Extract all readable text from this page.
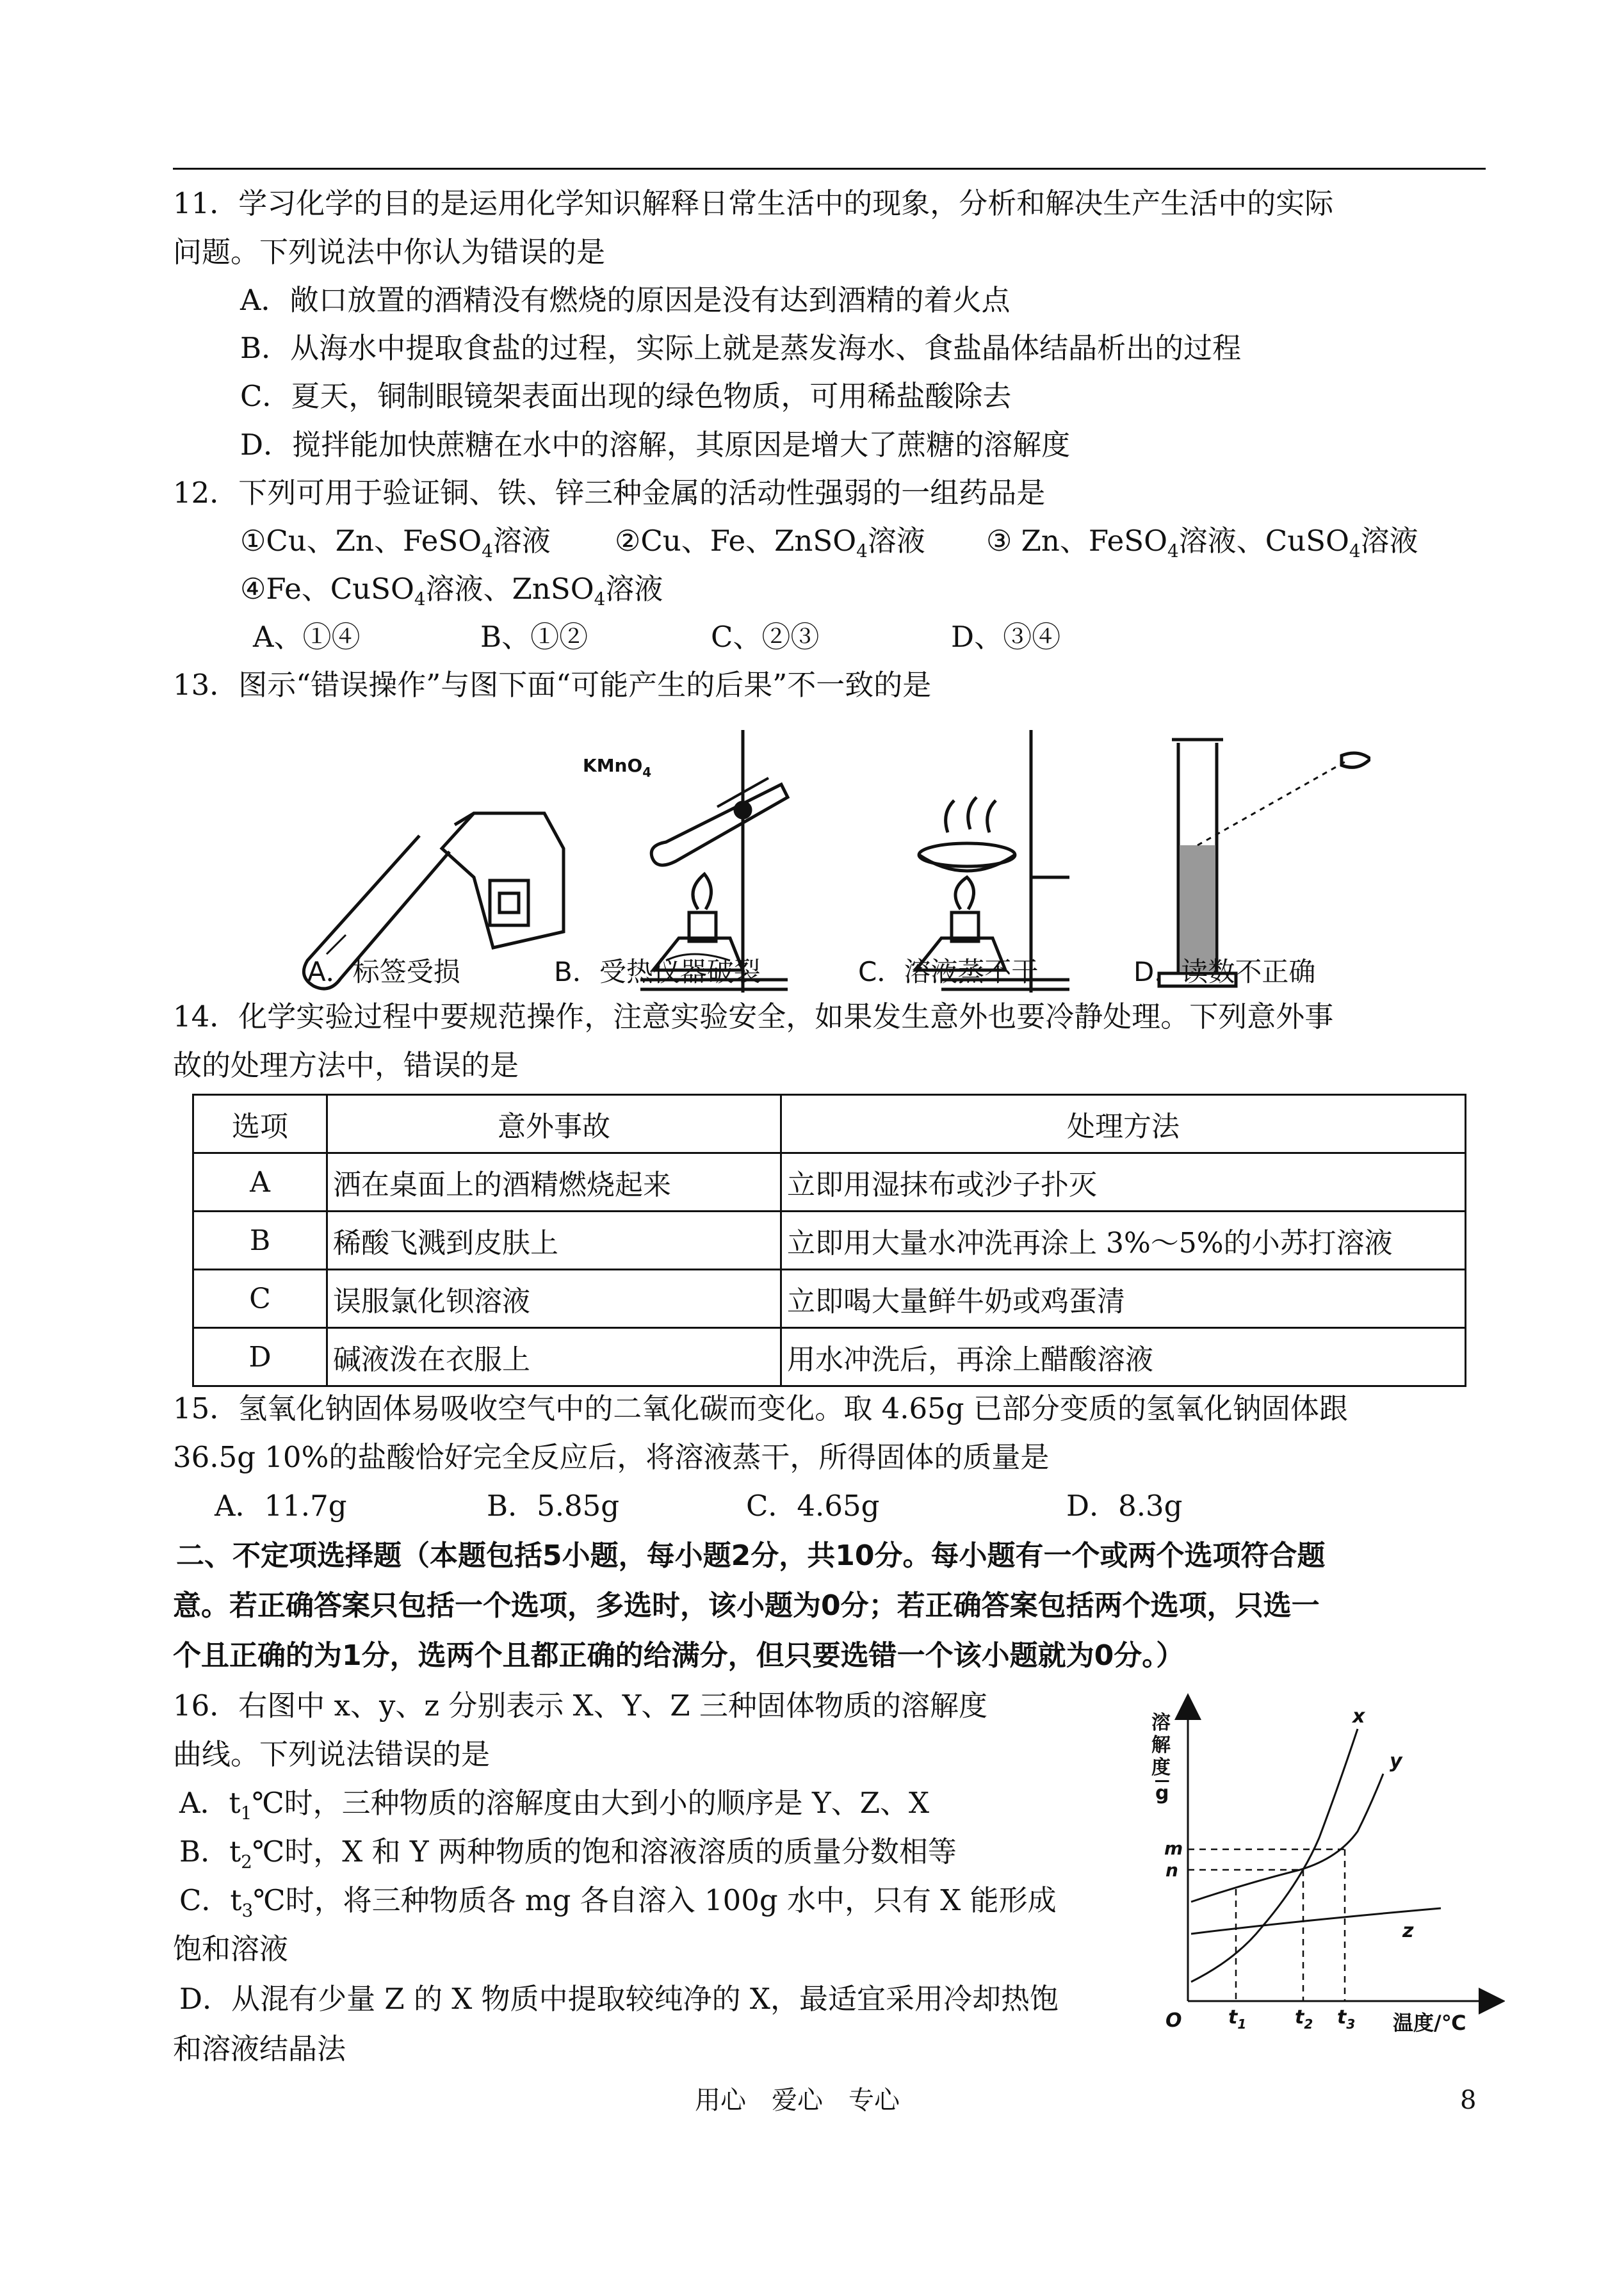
11．学习化学的目的是运用化学知识解释日常生活中的现象，分析和解决生产生活中的实际
问题。下列说法中你认为错误的是
A．敞口放置的酒精没有燃烧的原因是没有达到酒精的着火点
B．从海水中提取食盐的过程，实际上就是蒸发海水、食盐晶体结晶析出的过程
C．夏天，铜制眼镜架表面出现的绿色物质，可用稀盐酸除去
D．搅拌能加快蔗糖在水中的溶解，其原因是增大了蔗糖的溶解度
12．下列可用于验证铜、铁、锌三种金属的活动性强弱的一组药品是
①Cu、Zn、FeSO$_4$溶液 ②Cu、Fe、ZnSO$_4$溶液 ③ Zn、FeSO$_4$溶液、CuSO$_4$溶液
④Fe、CuSO$_4$溶液、ZnSO$_4$溶液
A、①④	B、①②	C、②③	D、③④
13．图示“错误操作”与图下面“可能产生的后果”不一致的是
KMnO$_4$
A．标签受损	B．受热仪器破裂	C．溶液蒸不干	D．读数不正确
14．化学实验过程中要规范操作，注意实验安全，如果发生意外也要冷静处理。下列意外事
故的处理方法中，错误的是
选项	意外事故	处理方法
A	洒在桌面上的酒精燃烧起来	立即用湿抹布或沙子扑灭
B	稀酸飞溅到皮肤上	立即用大量水冲洗再涂上 3%～5%的小苏打溶液
C	误服氯化钡溶液	立即喝大量鲜牛奶或鸡蛋清
D	碱液泼在衣服上	用水冲洗后，再涂上醋酸溶液
15．氢氧化钠固体易吸收空气中的二氧化碳而变化。取 4.65g 已部分变质的氢氧化钠固体跟
36.5g 10%的盐酸恰好完全反应后，将溶液蒸干，所得固体的质量是
A．11.7g	B．5.85g	C．4.65g	D．8.3g
二、不定项选择题（本题包括5小题，每小题2分，共10分。每小题有一个或两个选项符合题
意。若正确答案只包括一个选项，多选时，该小题为0分；若正确答案包括两个选项，只选一
个且正确的为1分，选两个且都正确的给满分，但只要选错一个该小题就为0分。）
16．右图中 x、y、z 分别表示 X、Y、Z 三种固体物质的溶解度
曲线。下列说法错误的是
A．$t_1℃$时，三种物质的溶解度由大到小的顺序是 Y、Z、X
B．$t_2℃$时，X 和 Y 两种物质的饱和溶液溶质的质量分数相等
C．$t_3℃$时，将三种物质各 mg 各自溶入 100g 水中，只有 X 能形成
饱和溶液
D．从混有少量 Z 的 X 物质中提取较纯净的 X，最适宜采用冷却热饱
和溶液结晶法
溶
解
度
g
O	温度/℃
m
n
$t_1$	$t_2$ $t_3$
x
y
z
用心　爱心　专心	8
